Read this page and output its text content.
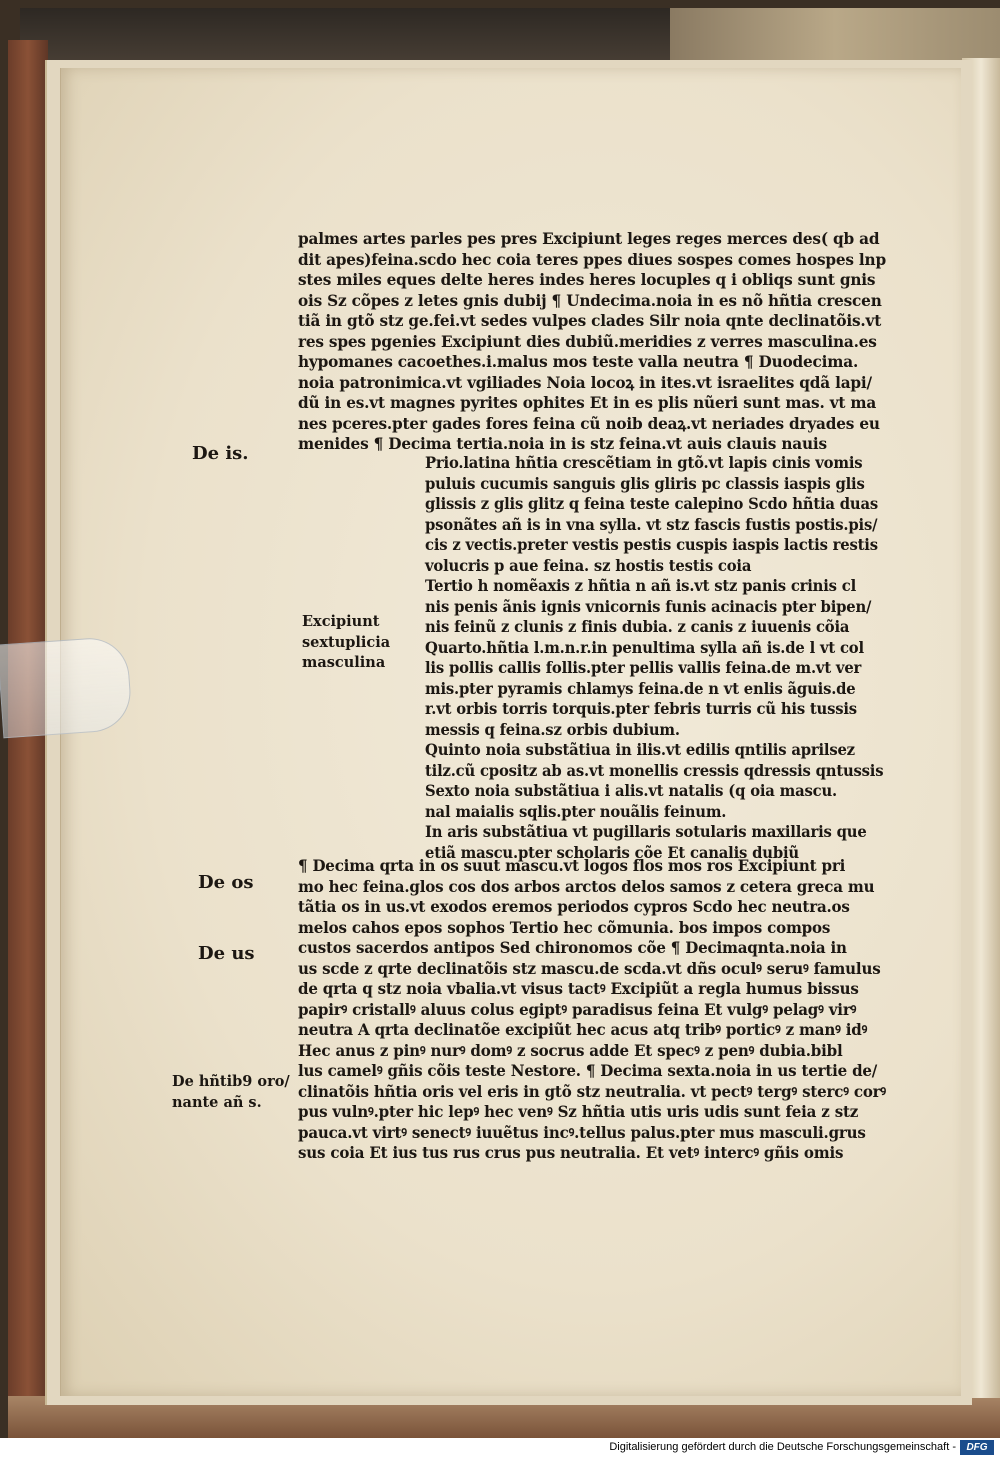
palmes artes parles pes pres Excipiunt leges reges merces des( qb ad
dit apes)feina.scdo hec coia teres ppes diues sospes comes hospes lnp
stes miles eques delte heres indes heres locuples q i obliqs sunt gnis
ois Sz cõpes z letes gnis dubij ¶ Undecima.noia in es nõ hñtia crescen
tiã in gtõ stz ge.fei.vt sedes vulpes clades Silr noia qnte declinatõis.vt
res spes pgenies Excipiunt dies dubiũ.meridies z verres masculina.es
hypomanes cacoethes.i.malus mos teste valla neutra ¶ Duodecima.
noia patronimica.vt vgiliades Noia locoꝝ in ites.vt israelites qdã lapi/
dũ in es.vt magnes pyrites ophites Et in es plis nũeri sunt mas. vt ma
nes pceres.pter gades fores feina cũ noib deaꝝ.vt neriades dryades eu
menides ¶ Decima tertia.noia in is stz feina.vt auis clauis nauis
De is.	Prio.latina hñtia crescẽtiam in gtõ.vt lapis cinis vomis
puluis cucumis sanguis glis gliris pc classis iaspis glis
glissis z glis glitz q feina teste calepino Scdo hñtia duas
psonãtes añ is in vna sylla. vt stz fascis fustis postis.pis/
cis z vectis.preter vestis pestis cuspis iaspis lactis restis
volucris p aue feina. sz hostis testis coia
Tertio h nomẽaxis z hñtia n añ is.vt stz panis crinis cl
nis penis ãnis ignis vnicornis funis acinacis pter bipen/
nis feinũ z clunis z finis dubia. z canis z iuuenis cõia
Quarto.hñtia l.m.n.r.in penultima sylla añ is.de l vt col
lis pollis callis follis.pter pellis vallis feina.de m.vt ver
mis.pter pyramis chlamys feina.de n vt enlis ãguis.de
r.vt orbis torris torquis.pter febris turris cũ his tussis
messis q feina.sz orbis dubium.
Quinto noia substãtiua in ilis.vt edilis qntilis aprilsez
tilz.cũ cpositz ab as.vt monellis cressis qdressis qntussis
Sexto noia substãtiua i alis.vt natalis (q oia mascu.
nal maialis sqlis.pter nouãlis feinum.
In aris substãtiua vt pugillaris sotularis maxillaris que
etiã mascu.pter scholaris cõe Et canalis dubiũ
Excipiunt
sextuplicia
masculina
De os
¶ Decima qrta in os suut mascu.vt logos flos mos ros Excipiunt pri
mo hec feina.glos cos dos arbos arctos delos samos z cetera greca mu
tãtia os in us.vt exodos eremos periodos cypros Scdo hec neutra.os
melos cahos epos sophos Tertio hec cõmunia. bos impos compos
custos sacerdos antipos Sed chironomos cõe ¶ Decimaqnta.noia in
us scde z qrte declinatõis stz mascu.de scda.vt dñs oculꝰ seruꝰ famulus
de qrta q stz noia vbalia.vt visus tactꝰ Excipiũt a regla humus bissus
papirꝰ cristallꝰ aluus colus egiptꝰ paradisus feina Et vulgꝰ pelagꝰ virꝰ
neutra A qrta declinatõe excipiũt hec acus atq tribꝰ porticꝰ z manꝰ idꝰ
Hec anus z pinꝰ nurꝰ domꝰ z socrus adde Et specꝰ z penꝰ dubia.bibl
lus camelꝰ gñis cõis teste Nestore. ¶ Decima sexta.noia in us tertie de/
clinatõis hñtia oris vel eris in gtõ stz neutralia. vt pectꝰ tergꝰ stercꝰ corꝰ
pus vulnꝰ.pter hic lepꝰ hec venꝰ Sz hñtia utis uris udis sunt feia z stz
pauca.vt virtꝰ senectꝰ iuuẽtus incꝰ.tellus palus.pter mus masculi.grus
sus coia Et ius tus rus crus pus neutralia. Et vetꝰ intercꝰ gñis omis
De us
De hñtib9 oro/
nante añ s.
Digitalisierung gefördert durch die Deutsche Forschungsgemeinschaft -	DFG
